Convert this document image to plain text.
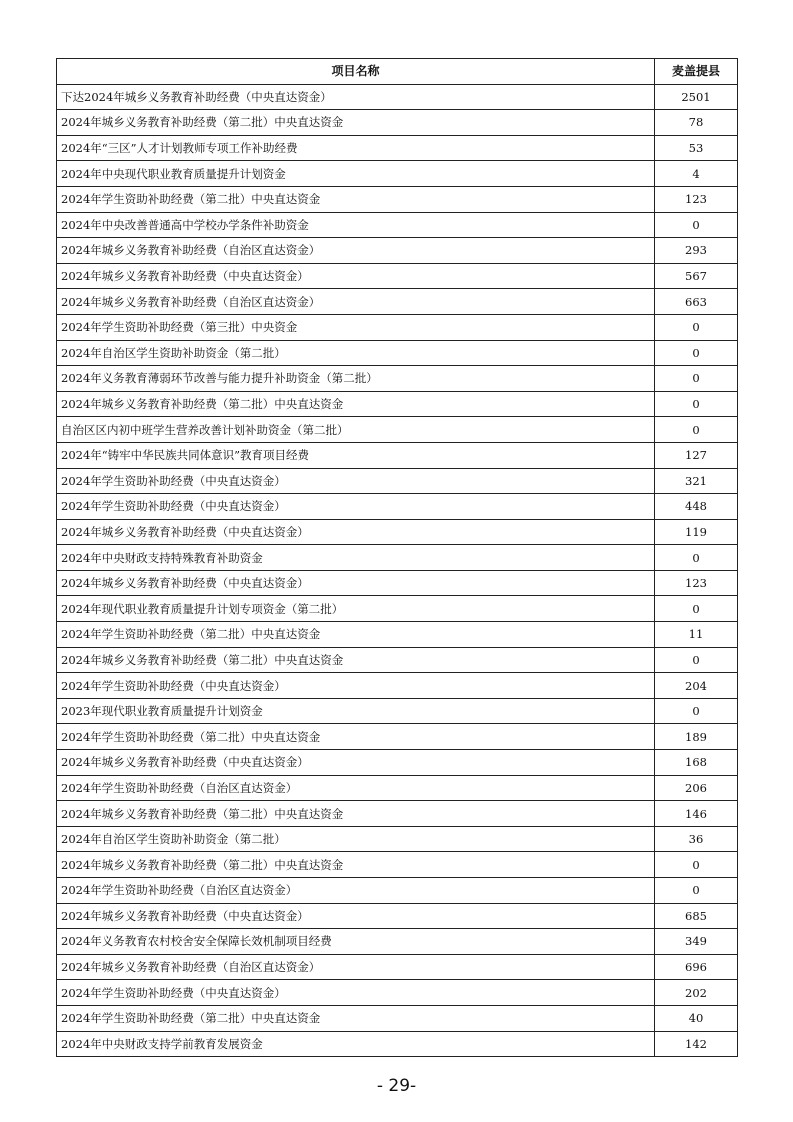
项目名称	麦盖提县
下达2024年城乡义务教育补助经费（中央直达资金）	2501
2024年城乡义务教育补助经费（第二批）中央直达资金	78
2024年“三区”人才计划教师专项工作补助经费	53
2024年中央现代职业教育质量提升计划资金	4
2024年学生资助补助经费（第二批）中央直达资金	123
2024年中央改善普通高中学校办学条件补助资金	0
2024年城乡义务教育补助经费（自治区直达资金）	293
2024年城乡义务教育补助经费（中央直达资金）	567
2024年城乡义务教育补助经费（自治区直达资金）	663
2024年学生资助补助经费（第三批）中央资金	0
2024年自治区学生资助补助资金（第二批）	0
2024年义务教育薄弱环节改善与能力提升补助资金（第二批）	0
2024年城乡义务教育补助经费（第二批）中央直达资金	0
自治区区内初中班学生营养改善计划补助资金（第二批）	0
2024年“铸牢中华民族共同体意识”教育项目经费	127
2024年学生资助补助经费（中央直达资金）	321
2024年学生资助补助经费（中央直达资金）	448
2024年城乡义务教育补助经费（中央直达资金）	119
2024年中央财政支持特殊教育补助资金	0
2024年城乡义务教育补助经费（中央直达资金）	123
2024年现代职业教育质量提升计划专项资金（第二批）	0
2024年学生资助补助经费（第二批）中央直达资金	11
2024年城乡义务教育补助经费（第二批）中央直达资金	0
2024年学生资助补助经费（中央直达资金）	204
2023年现代职业教育质量提升计划资金	0
2024年学生资助补助经费（第二批）中央直达资金	189
2024年城乡义务教育补助经费（中央直达资金）	168
2024年学生资助补助经费（自治区直达资金）	206
2024年城乡义务教育补助经费（第二批）中央直达资金	146
2024年自治区学生资助补助资金（第二批）	36
2024年城乡义务教育补助经费（第二批）中央直达资金	0
2024年学生资助补助经费（自治区直达资金）	0
2024年城乡义务教育补助经费（中央直达资金）	685
2024年义务教育农村校舍安全保障长效机制项目经费	349
2024年城乡义务教育补助经费（自治区直达资金）	696
2024年学生资助补助经费（中央直达资金）	202
2024年学生资助补助经费（第二批）中央直达资金	40
2024年中央财政支持学前教育发展资金	142
- 29-
